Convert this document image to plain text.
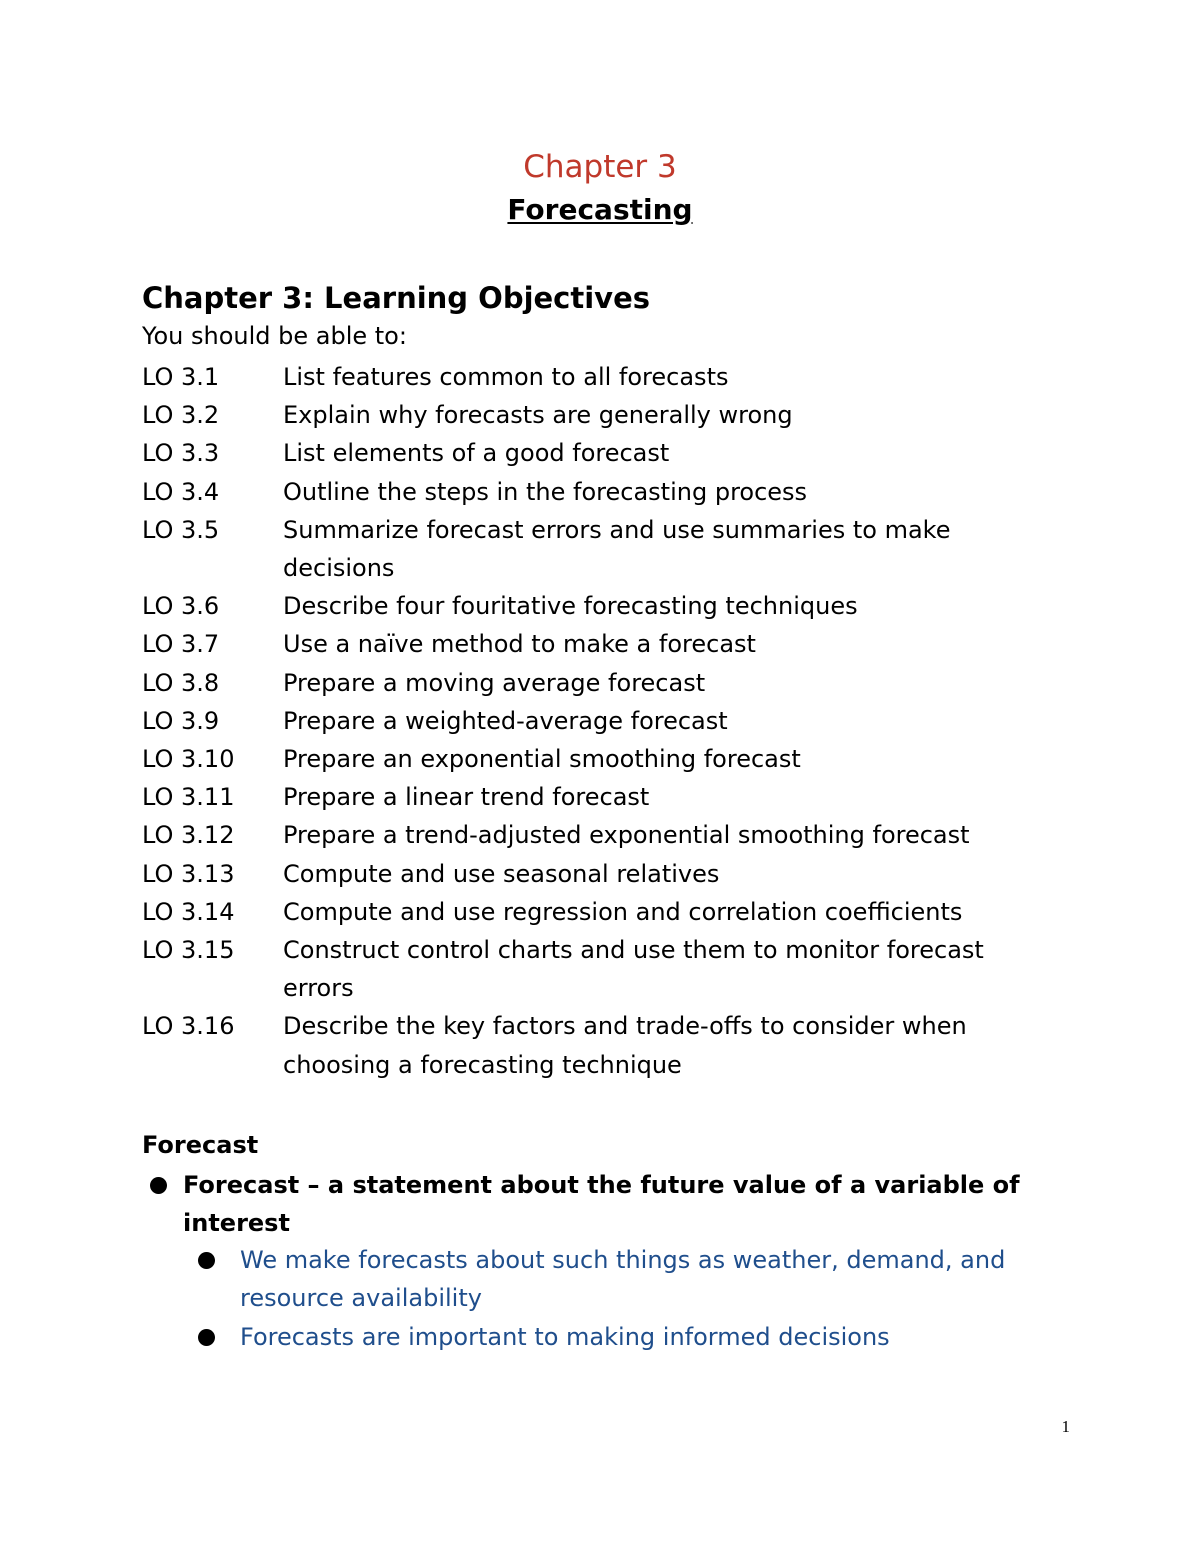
Chapter 3
Forecasting
Chapter 3: Learning Objectives
You should be able to:
LO 3.1	List features common to all forecasts
LO 3.2	Explain why forecasts are generally wrong
LO 3.3	List elements of a good forecast
LO 3.4	Outline the steps in the forecasting process
LO 3.5	Summarize forecast errors and use summaries to make
decisions
LO 3.6	Describe four fouritative forecasting techniques
LO 3.7	Use a naïve method to make a forecast
LO 3.8	Prepare a moving average forecast
LO 3.9	Prepare a weighted-average forecast
LO 3.10	Prepare an exponential smoothing forecast
LO 3.11	Prepare a linear trend forecast
LO 3.12	Prepare a trend-adjusted exponential smoothing forecast
LO 3.13	Compute and use seasonal relatives
LO 3.14	Compute and use regression and correlation coefficients
LO 3.15	Construct control charts and use them to monitor forecast
errors
LO 3.16	Describe the key factors and trade-offs to consider when
choosing a forecasting technique
Forecast
Forecast – a statement about the future value of a variable of interest
We make forecasts about such things as weather, demand, and resource availability
Forecasts are important to making informed decisions
1
